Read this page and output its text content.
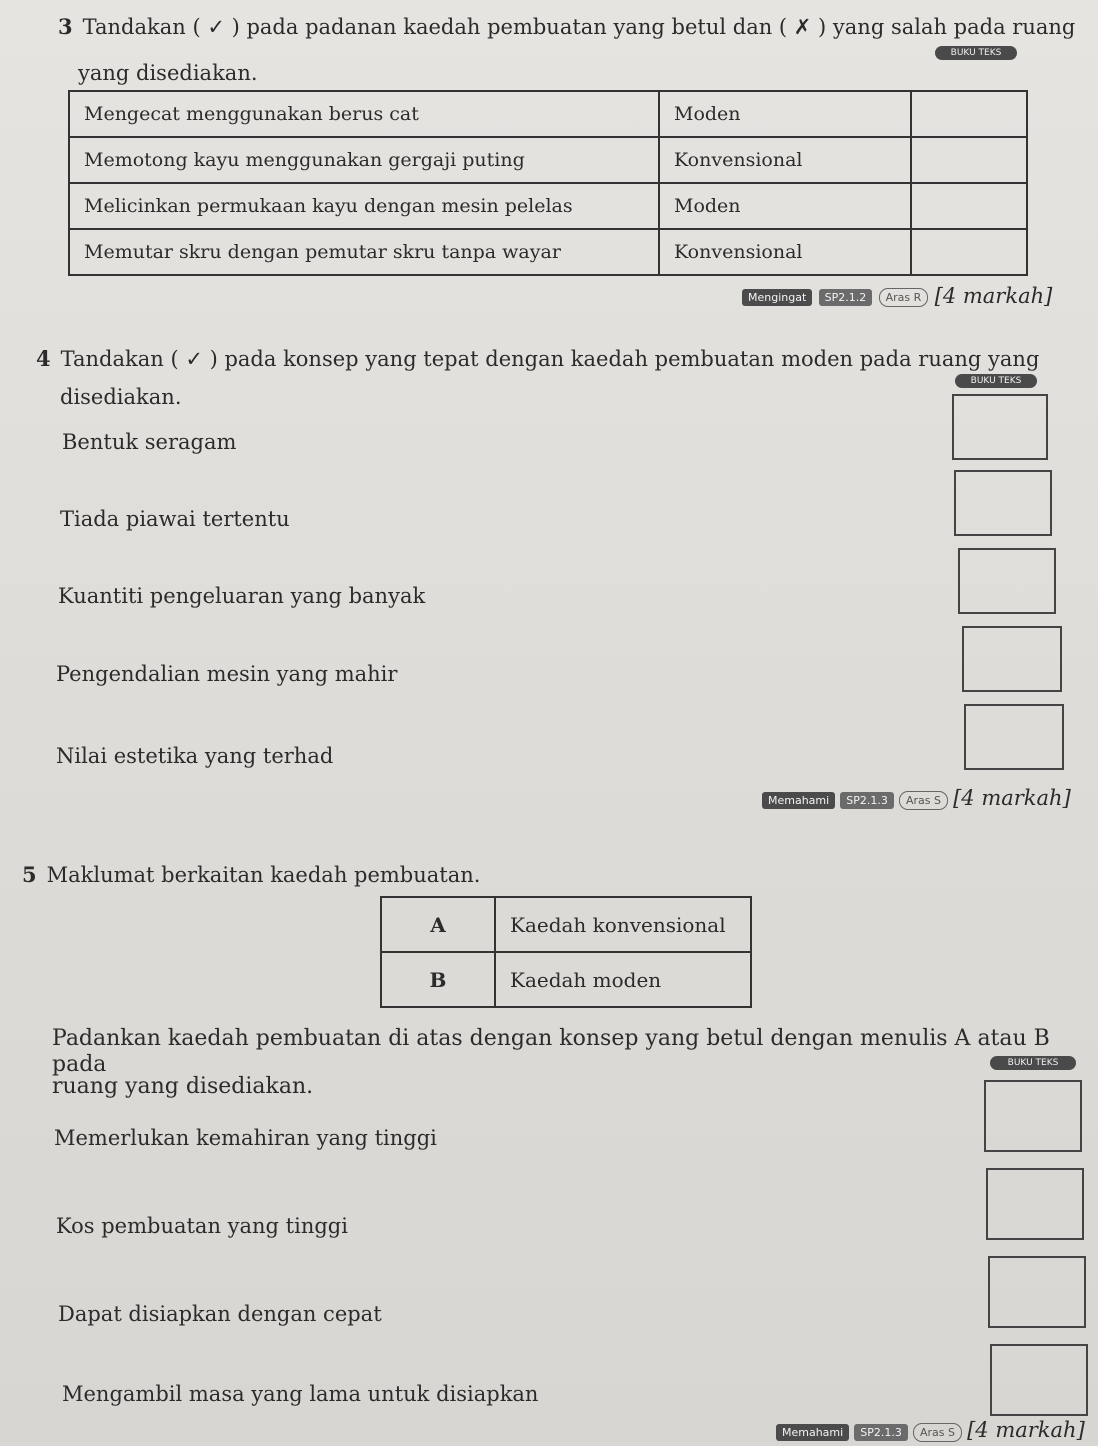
3 Tandakan ( ✓ ) pada padanan kaedah pembuatan yang betul dan ( ✗ ) yang salah pada ruang
BUKU TEKS
yang disediakan.
Mengecat menggunakan berus cat	Moden	
Memotong kayu menggunakan gergaji puting	Konvensional	
Melicinkan permukaan kayu dengan mesin pelelas	Moden	
Memutar skru dengan pemutar skru tanpa wayar	Konvensional	
Mengingat SP2.1.2 Aras R [4 markah]
4 Tandakan ( ✓ ) pada konsep yang tepat dengan kaedah pembuatan moden pada ruang yang
BUKU TEKS
disediakan.
Bentuk seragam
Tiada piawai tertentu
Kuantiti pengeluaran yang banyak
Pengendalian mesin yang mahir
Nilai estetika yang terhad
Memahami SP2.1.3 Aras S [4 markah]
5 Maklumat berkaitan kaedah pembuatan.
A	Kaedah konvensional
B	Kaedah moden
Padankan kaedah pembuatan di atas dengan konsep yang betul dengan menulis A atau B pada	BUKU TEKS
ruang yang disediakan.
Memerlukan kemahiran yang tinggi
Kos pembuatan yang tinggi
Dapat disiapkan dengan cepat
Mengambil masa yang lama untuk disiapkan
Memahami SP2.1.3 Aras S [4 markah]
